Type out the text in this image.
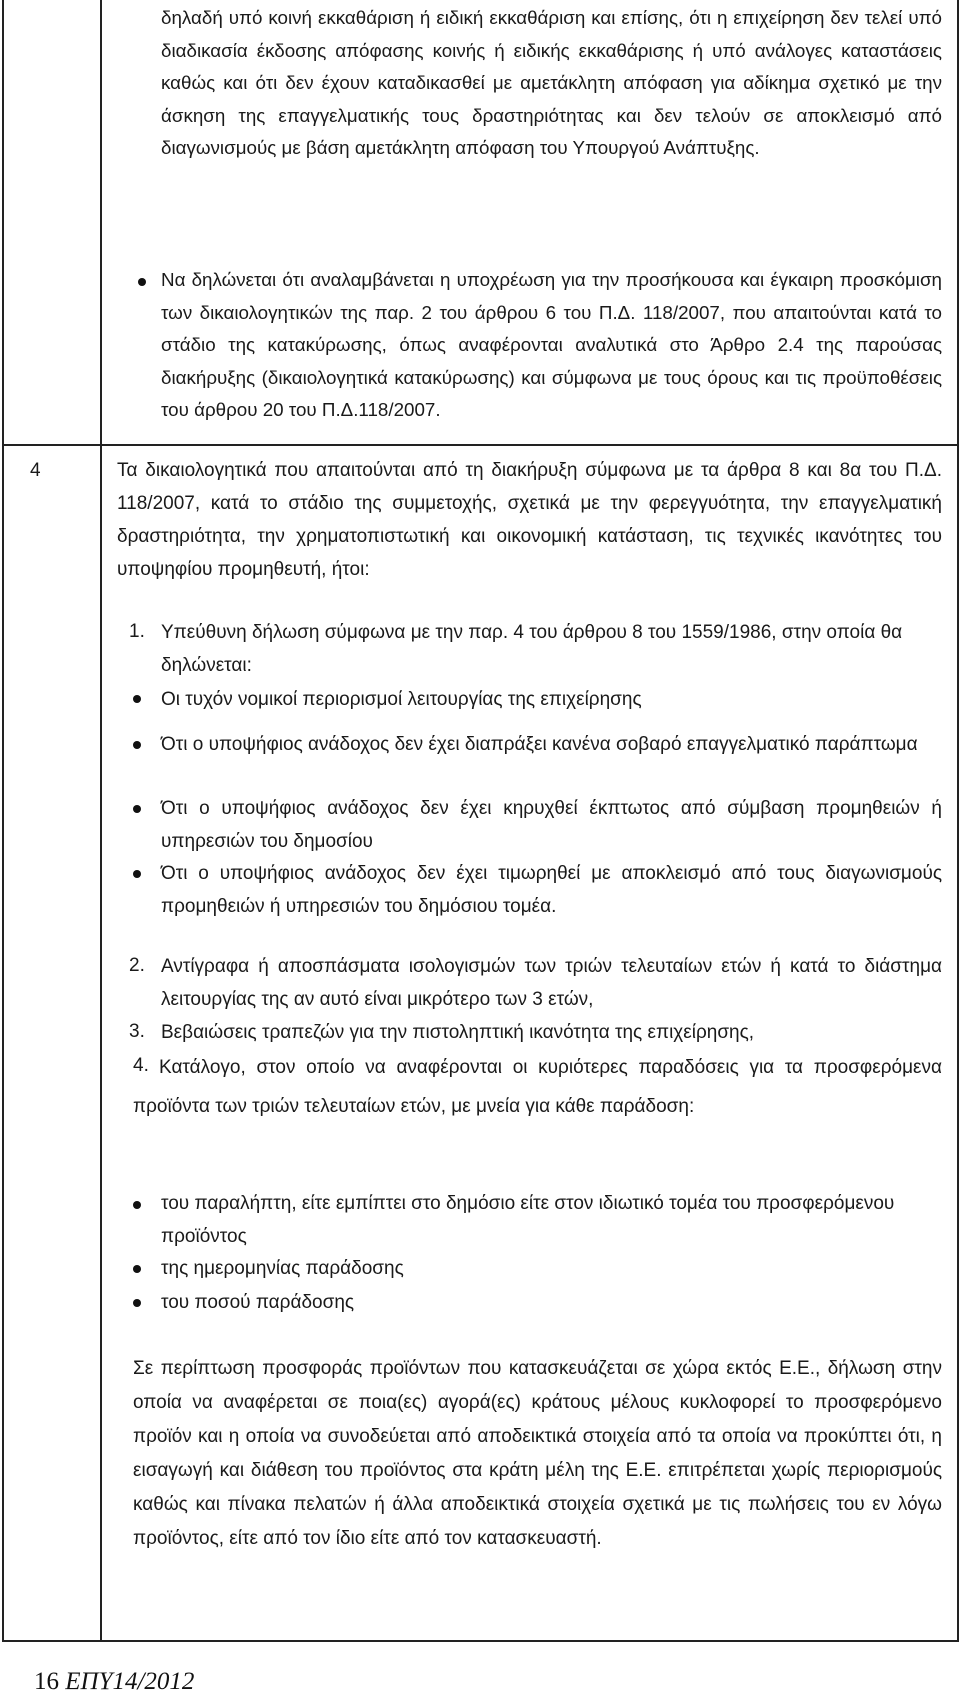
δηλαδή υπό κοινή εκκαθάριση ή ειδική εκκαθάριση και επίσης, ότι η επιχείρηση δεν τελεί υπό διαδικασία έκδοσης απόφασης κοινής ή ειδικής εκκαθάρισης ή υπό ανάλογες καταστάσεις καθώς και ότι δεν έχουν καταδικασθεί με αμετάκλητη απόφαση για αδίκημα σχετικό με την άσκηση της επαγγελματικής τους δραστηριότητας και δεν τελούν σε αποκλεισμό από διαγωνισμούς με βάση αμετάκλητη απόφαση του Υπουργού Ανάπτυξης.
Να δηλώνεται ότι αναλαμβάνεται η υποχρέωση για την προσήκουσα και έγκαιρη προσκόμιση των δικαιολογητικών της παρ. 2 του άρθρου 6 του Π.Δ. 118/2007, που απαιτούνται κατά το στάδιο της κατακύρωσης, όπως αναφέρονται αναλυτικά στο Άρθρο 2.4 της παρούσας διακήρυξης (δικαιολογητικά κατακύρωσης) και σύμφωνα με τους όρους και τις προϋποθέσεις του άρθρου 20 του Π.Δ.118/2007.
4	Τα δικαιολογητικά που απαιτούνται από τη διακήρυξη σύμφωνα με τα άρθρα 8 και 8α του Π.Δ. 118/2007, κατά το στάδιο της συμμετοχής, σχετικά με την φερεγγυότητα, την επαγγελματική δραστηριότητα, την χρηματοπιστωτική και οικονομική κατάσταση, τις τεχνικές ικανότητες του υποψηφίου προμηθευτή, ήτοι:
1. Υπεύθυνη δήλωση σύμφωνα με την παρ. 4 του άρθρου 8 του 1559/1986, στην οποία θα δηλώνεται:
Οι τυχόν νομικοί περιορισμοί λειτουργίας της επιχείρησης
Ότι ο υποψήφιος ανάδοχος δεν έχει διαπράξει κανένα σοβαρό επαγγελματικό παράπτωμα
Ότι ο υποψήφιος ανάδοχος δεν έχει κηρυχθεί έκπτωτος από σύμβαση προμηθειών ή υπηρεσιών του δημοσίου
Ότι ο υποψήφιος ανάδοχος δεν έχει τιμωρηθεί με αποκλεισμό από τους διαγωνισμούς προμηθειών ή υπηρεσιών του δημόσιου τομέα.
2. Αντίγραφα ή αποσπάσματα ισολογισμών των τριών τελευταίων ετών ή κατά το διάστημα λειτουργίας της αν αυτό είναι μικρότερο των 3 ετών,
3. Βεβαιώσεις τραπεζών για την πιστοληπτική ικανότητα της επιχείρησης,
4. Κατάλογο, στον οποίο να αναφέρονται οι κυριότερες παραδόσεις για τα προσφερόμενα προϊόντα των τριών τελευταίων ετών, με μνεία για κάθε παράδοση:
του παραλήπτη, είτε εμπίπτει στο δημόσιο είτε στον ιδιωτικό τομέα του προσφερόμενου προϊόντος
της ημερομηνίας παράδοσης
του ποσού παράδοσης
Σε περίπτωση προσφοράς προϊόντων που κατασκευάζεται σε χώρα εκτός Ε.Ε., δήλωση στην οποία να αναφέρεται σε ποια(ες) αγορά(ες) κράτους μέλους κυκλοφορεί το προσφερόμενο προϊόν και η οποία να συνοδεύεται από αποδεικτικά στοιχεία από τα οποία να προκύπτει ότι, η εισαγωγή και διάθεση του προϊόντος στα κράτη μέλη της Ε.Ε. επιτρέπεται χωρίς περιορισμούς καθώς και πίνακα πελατών ή άλλα αποδεικτικά στοιχεία σχετικά με τις πωλήσεις του εν λόγω προϊόντος, είτε από τον ίδιο είτε από τον κατασκευαστή.
16 ΕΠΥ14/2012
